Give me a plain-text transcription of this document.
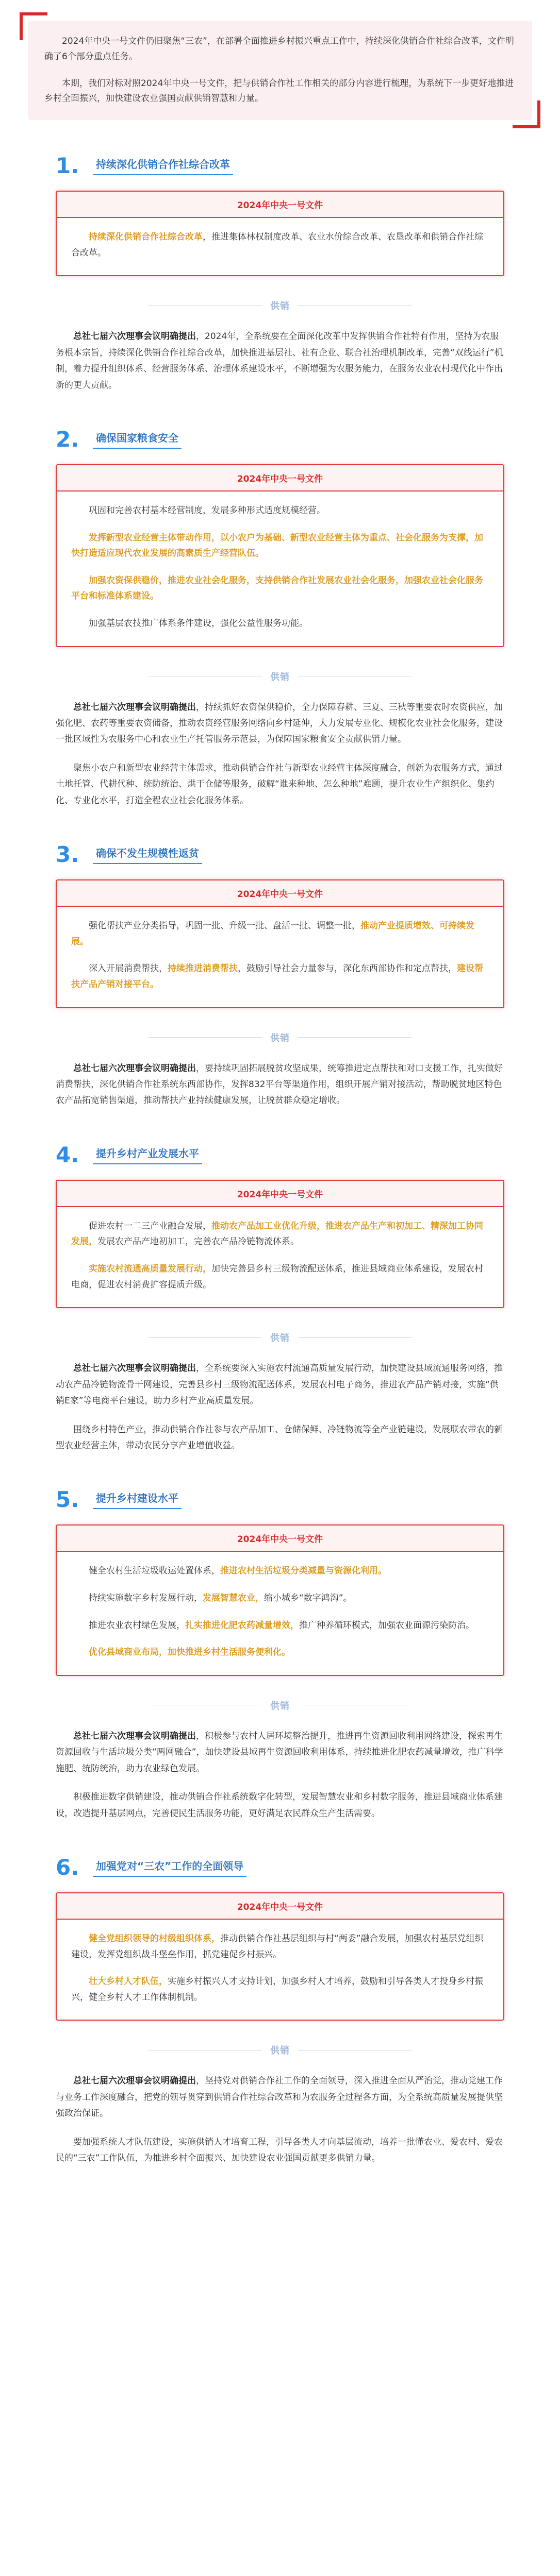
2024年中央一号文件仍旧聚焦“三农”，在部署全面推进乡村振兴重点工作中，持续深化供销合作社综合改革，文件明确了6个部分重点任务。

本期，我们对标对照2024年中央一号文件，把与供销合作社工作相关的部分内容进行梳理，为系统下一步更好地推进乡村全面振兴，加快建设农业强国贡献供销智慧和力量。

1.	持续深化供销合作社综合改革
2024年中央一号文件

持续深化供销合作社综合改革，推进集体林权制度改革、农业水价综合改革、农垦改革和供销合作社综合改革。

供销

总社七届六次理事会议明确提出，2024年，全系统要在全面深化改革中发挥供销合作社特有作用，坚持为农服务根本宗旨，持续深化供销合作社综合改革，加快推进基层社、社有企业、联合社治理机制改革，完善“双线运行”机制，着力提升组织体系、经营服务体系、治理体系建设水平，不断增强为农服务能力，在服务农业农村现代化中作出新的更大贡献。

2.	确保国家粮食安全
2024年中央一号文件

巩固和完善农村基本经营制度，发展多种形式适度规模经营。

发挥新型农业经营主体带动作用，以小农户为基础、新型农业经营主体为重点、社会化服务为支撑，加快打造适应现代农业发展的高素质生产经营队伍。

加强农资保供稳价，推进农业社会化服务，支持供销合作社发展农业社会化服务，加强农业社会化服务平台和标准体系建设。

加强基层农技推广体系条件建设，强化公益性服务功能。

供销

总社七届六次理事会议明确提出，持续抓好农资保供稳价，全力保障春耕、三夏、三秋等重要农时农资供应，加强化肥、农药等重要农资储备，推动农资经营服务网络向乡村延伸，大力发展专业化、规模化农业社会化服务，建设一批区域性为农服务中心和农业生产托管服务示范县，为保障国家粮食安全贡献供销力量。

聚焦小农户和新型农业经营主体需求，推动供销合作社与新型农业经营主体深度融合，创新为农服务方式，通过土地托管、代耕代种、统防统治、烘干仓储等服务，破解“谁来种地、怎么种地”难题，提升农业生产组织化、集约化、专业化水平，打造全程农业社会化服务体系。

3.	确保不发生规模性返贫
2024年中央一号文件

强化帮扶产业分类指导，巩固一批、升级一批、盘活一批、调整一批，推动产业提质增效、可持续发展。

深入开展消费帮扶，持续推进消费帮扶，鼓励引导社会力量参与，深化东西部协作和定点帮扶，建设帮扶产品产销对接平台。

供销

总社七届六次理事会议明确提出，要持续巩固拓展脱贫攻坚成果，统筹推进定点帮扶和对口支援工作，扎实做好消费帮扶，深化供销合作社系统东西部协作，发挥832平台等渠道作用，组织开展产销对接活动，帮助脱贫地区特色农产品拓宽销售渠道，推动帮扶产业持续健康发展，让脱贫群众稳定增收。

4.	提升乡村产业发展水平
2024年中央一号文件

促进农村一二三产业融合发展，推动农产品加工业优化升级，推进农产品生产和初加工、精深加工协同发展，发展农产品产地初加工，完善农产品冷链物流体系。

实施农村流通高质量发展行动，加快完善县乡村三级物流配送体系，推进县域商业体系建设，发展农村电商，促进农村消费扩容提质升级。

供销

总社七届六次理事会议明确提出，全系统要深入实施农村流通高质量发展行动，加快建设县域流通服务网络，推动农产品冷链物流骨干网建设，完善县乡村三级物流配送体系，发展农村电子商务，推进农产品产销对接，实施“供销E家”等电商平台建设，助力乡村产业高质量发展。

围绕乡村特色产业，推动供销合作社参与农产品加工、仓储保鲜、冷链物流等全产业链建设，发展联农带农的新型农业经营主体，带动农民分享产业增值收益。

5.	提升乡村建设水平
2024年中央一号文件

健全农村生活垃圾收运处置体系，推进农村生活垃圾分类减量与资源化利用。

持续实施数字乡村发展行动，发展智慧农业，缩小城乡“数字鸿沟”。

推进农业农村绿色发展，扎实推进化肥农药减量增效，推广种养循环模式，加强农业面源污染防治。

优化县域商业布局，加快推进乡村生活服务便利化。

供销

总社七届六次理事会议明确提出，积极参与农村人居环境整治提升，推进再生资源回收利用网络建设，探索再生资源回收与生活垃圾分类“两网融合”，加快建设县域再生资源回收利用体系，持续推进化肥农药减量增效，推广科学施肥、统防统治，助力农业绿色发展。

积极推进数字供销建设，推动供销合作社系统数字化转型，发展智慧农业和乡村数字服务，推进县域商业体系建设，改造提升基层网点，完善便民生活服务功能，更好满足农民群众生产生活需要。

6.	加强党对“三农”工作的全面领导
2024年中央一号文件

健全党组织领导的村级组织体系，推动供销合作社基层组织与村“两委”融合发展，加强农村基层党组织建设，发挥党组织战斗堡垒作用，抓党建促乡村振兴。

壮大乡村人才队伍，实施乡村振兴人才支持计划，加强乡村人才培养，鼓励和引导各类人才投身乡村振兴，健全乡村人才工作体制机制。

供销

总社七届六次理事会议明确提出，坚持党对供销合作社工作的全面领导，深入推进全面从严治党，推动党建工作与业务工作深度融合，把党的领导贯穿到供销合作社综合改革和为农服务全过程各方面，为全系统高质量发展提供坚强政治保证。

要加强系统人才队伍建设，实施供销人才培育工程，引导各类人才向基层流动，培养一批懂农业、爱农村、爱农民的“三农”工作队伍，为推进乡村全面振兴、加快建设农业强国贡献更多供销力量。
